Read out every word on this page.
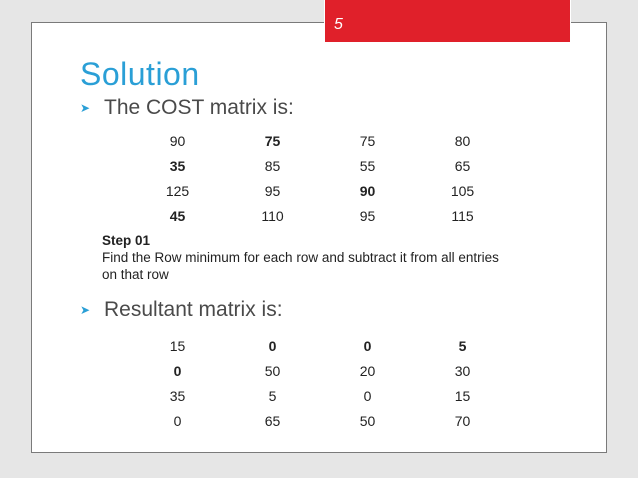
5
Solution
➤ The COST matrix is:
90	75	75	80
35	85	55	65
125	95	90	105
45	110	95	115
Step 01
Find the Row minimum for each row and subtract it from all entries on that row
➤ Resultant matrix is:
15	0	0	5
0	50	20	30
35	5	0	15
0	65	50	70
